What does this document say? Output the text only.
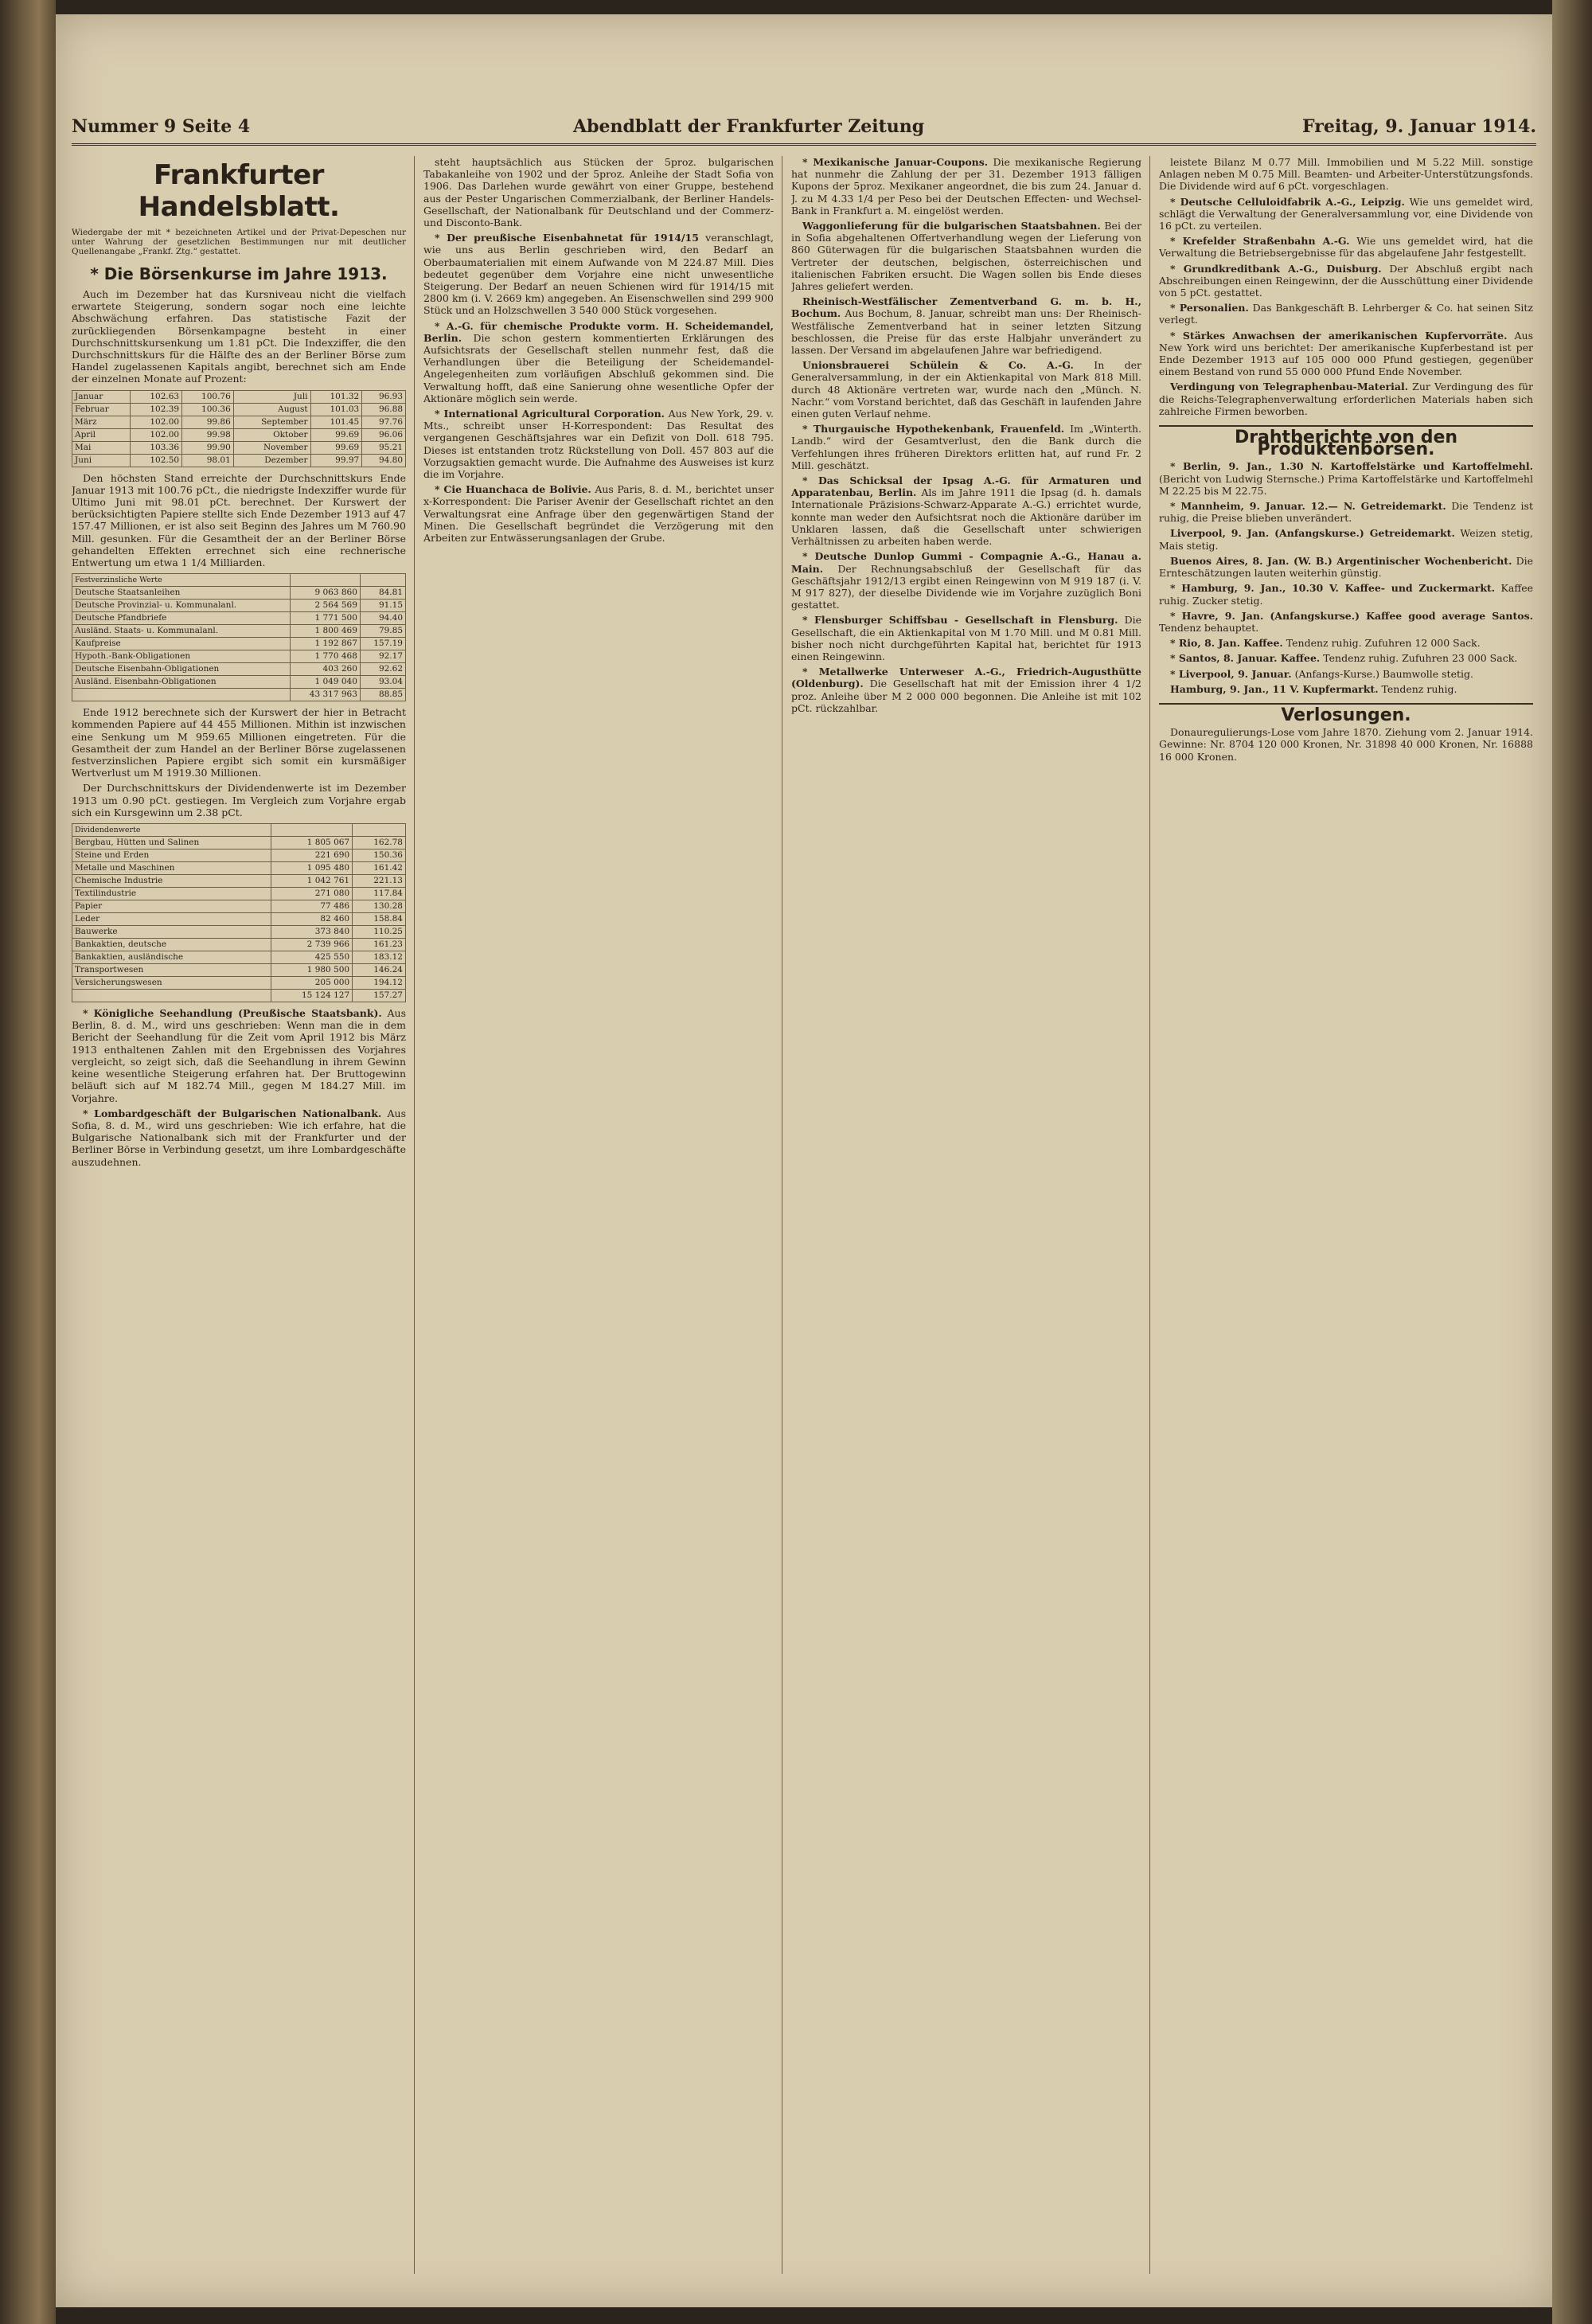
Nummer 9 Seite 4	Abendblatt der Frankfurter Zeitung	Freitag, 9. Januar 1914.
Frankfurter Handelsblatt.
Wiedergabe der mit * bezeichneten Artikel und der Privat-Depeschen nur unter Wahrung der gesetzlichen Bestimmungen nur mit deutlicher Quellenangabe „Frankf. Ztg.“ gestattet.
* Die Börsenkurse im Jahre 1913.

Auch im Dezember hat das Kursniveau nicht die vielfach erwartete Steigerung, sondern sogar noch eine leichte Abschwächung erfahren. Das statistische Fazit der zurückliegenden Börsenkampagne besteht in einer Durchschnittskursenkung um 1.81 pCt. Die Indexziffer, die den Durchschnittskurs für die Hälfte des an der Berliner Börse zum Handel zugelassenen Kapitals angibt, berechnet sich am Ende der einzelnen Monate auf Prozent:

Januar	102.63	100.76	Juli	101.32	96.93
Februar	102.39	100.36	August	101.03	96.88
März	102.00	99.86	September	101.45	97.76
April	102.00	99.98	Oktober	99.69	96.06
Mai	103.36	99.90	November	99.69	95.21
Juni	102.50	98.01	Dezember	99.97	94.80

Den höchsten Stand erreichte der Durchschnittskurs Ende Januar 1913 mit 100.76 pCt., die niedrigste Indexziffer wurde für Ultimo Juni mit 98.01 pCt. berechnet. Der Kurswert der berücksichtigten Papiere stellte sich Ende Dezember 1913 auf 47 157.47 Millionen, er ist also seit Beginn des Jahres um M 760.90 Mill. gesunken. Für die Gesamtheit der an der Berliner Börse gehandelten Effekten errechnet sich eine rechnerische Entwertung um etwa 1 1/4 Milliarden.

Festverzinsliche Werte		
Deutsche Staatsanleihen	9 063 860	84.81
Deutsche Provinzial- u. Kommunalanl.	2 564 569	91.15
Deutsche Pfandbriefe	1 771 500	94.40
Ausländ. Staats- u. Kommunalanl.	1 800 469	79.85
Kaufpreise	1 192 867	157.19
Hypoth.-Bank-Obligationen	1 770 468	92.17
Deutsche Eisenbahn-Obligationen	403 260	92.62
Ausländ. Eisenbahn-Obligationen	1 049 040	93.04
	43 317 963	88.85

Ende 1912 berechnete sich der Kurswert der hier in Betracht kommenden Papiere auf 44 455 Millionen. Mithin ist inzwischen eine Senkung um M 959.65 Millionen eingetreten. Für die Gesamtheit der zum Handel an der Berliner Börse zugelassenen festverzinslichen Papiere ergibt sich somit ein kursmäßiger Wertverlust um M 1919.30 Millionen.

Der Durchschnittskurs der Dividendenwerte ist im Dezember 1913 um 0.90 pCt. gestiegen. Im Vergleich zum Vorjahre ergab sich ein Kursgewinn um 2.38 pCt.

Dividendenwerte		
Bergbau, Hütten und Salinen	1 805 067	162.78
Steine und Erden	221 690	150.36
Metalle und Maschinen	1 095 480	161.42
Chemische Industrie	1 042 761	221.13
Textilindustrie	271 080	117.84
Papier	77 486	130.28
Leder	82 460	158.84
Bauwerke	373 840	110.25
Bankaktien, deutsche	2 739 966	161.23
Bankaktien, ausländische	425 550	183.12
Transportwesen	1 980 500	146.24
Versicherungswesen	205 000	194.12
	15 124 127	157.27

* Königliche Seehandlung (Preußische Staatsbank). Aus Berlin, 8. d. M., wird uns geschrieben: Wenn man die in dem Bericht der Seehandlung für die Zeit vom April 1912 bis März 1913 enthaltenen Zahlen mit den Ergebnissen des Vorjahres vergleicht, so zeigt sich, daß die Seehandlung in ihrem Gewinn keine wesentliche Steigerung erfahren hat. Der Bruttogewinn beläuft sich auf M 182.74 Mill., gegen M 184.27 Mill. im Vorjahre.

* Lombardgeschäft der Bulgarischen Nationalbank. Aus Sofia, 8. d. M., wird uns geschrieben: Wie ich erfahre, hat die Bulgarische Nationalbank sich mit der Frankfurter und der Berliner Börse in Verbindung gesetzt, um ihre Lombardgeschäfte auszudehnen.

steht hauptsächlich aus Stücken der 5proz. bulgarischen Tabakanleihe von 1902 und der 5proz. Anleihe der Stadt Sofia von 1906. Das Darlehen wurde gewährt von einer Gruppe, bestehend aus der Pester Ungarischen Commerzialbank, der Berliner Handels-Gesellschaft, der Nationalbank für Deutschland und der Commerz- und Disconto-Bank.

* Der preußische Eisenbahnetat für 1914/15 veranschlagt, wie uns aus Berlin geschrieben wird, den Bedarf an Oberbaumaterialien mit einem Aufwande von M 224.87 Mill. Dies bedeutet gegenüber dem Vorjahre eine nicht unwesentliche Steigerung. Der Bedarf an neuen Schienen wird für 1914/15 mit 2800 km (i. V. 2669 km) angegeben. An Eisenschwellen sind 299 900 Stück und an Holzschwellen 3 540 000 Stück vorgesehen.

* A.-G. für chemische Produkte vorm. H. Scheidemandel, Berlin. Die schon gestern kommentierten Erklärungen des Aufsichtsrats der Gesellschaft stellen nunmehr fest, daß die Verhandlungen über die Beteiligung der Scheidemandel-Angelegenheiten zum vorläufigen Abschluß gekommen sind. Die Verwaltung hofft, daß eine Sanierung ohne wesentliche Opfer der Aktionäre möglich sein werde.

* International Agricultural Corporation. Aus New York, 29. v. Mts., schreibt unser H-Korrespondent: Das Resultat des vergangenen Geschäftsjahres war ein Defizit von Doll. 618 795. Dieses ist entstanden trotz Rückstellung von Doll. 457 803 auf die Vorzugsaktien gemacht wurde. Die Aufnahme des Ausweises ist kurz die im Vorjahre.

* Cie Huanchaca de Bolivie. Aus Paris, 8. d. M., berichtet unser x-Korrespondent: Die Pariser Avenir der Gesellschaft richtet an den Verwaltungsrat eine Anfrage über den gegenwärtigen Stand der Minen. Die Gesellschaft begründet die Verzögerung mit den Arbeiten zur Entwässerungsanlagen der Grube.

* Mexikanische Januar-Coupons. Die mexikanische Regierung hat nunmehr die Zahlung der per 31. Dezember 1913 fälligen Kupons der 5proz. Mexikaner angeordnet, die bis zum 24. Januar d. J. zu M 4.33 1/4 per Peso bei der Deutschen Effecten- und Wechsel-Bank in Frankfurt a. M. eingelöst werden.

Waggonlieferung für die bulgarischen Staatsbahnen. Bei der in Sofia abgehaltenen Offertverhandlung wegen der Lieferung von 860 Güterwagen für die bulgarischen Staatsbahnen wurden die Vertreter der deutschen, belgischen, österreichischen und italienischen Fabriken ersucht. Die Wagen sollen bis Ende dieses Jahres geliefert werden.

Rheinisch-Westfälischer Zementverband G. m. b. H., Bochum. Aus Bochum, 8. Januar, schreibt man uns: Der Rheinisch-Westfälische Zementverband hat in seiner letzten Sitzung beschlossen, die Preise für das erste Halbjahr unverändert zu lassen. Der Versand im abgelaufenen Jahre war befriedigend.

Unionsbrauerei Schülein & Co. A.-G. In der Generalversammlung, in der ein Aktienkapital von Mark 818 Mill. durch 48 Aktionäre vertreten war, wurde nach den „Münch. N. Nachr.“ vom Vorstand berichtet, daß das Geschäft in laufenden Jahre einen guten Verlauf nehme.

* Thurgauische Hypothekenbank, Frauenfeld. Im „Winterth. Landb.“ wird der Gesamtverlust, den die Bank durch die Verfehlungen ihres früheren Direktors erlitten hat, auf rund Fr. 2 Mill. geschätzt.

* Das Schicksal der Ipsag A.-G. für Armaturen und Apparatenbau, Berlin. Als im Jahre 1911 die Ipsag (d. h. damals Internationale Präzisions-Schwarz-Apparate A.-G.) errichtet wurde, konnte man weder den Aufsichtsrat noch die Aktionäre darüber im Unklaren lassen, daß die Gesellschaft unter schwierigen Verhältnissen zu arbeiten haben werde.

* Deutsche Dunlop Gummi - Compagnie A.-G., Hanau a. Main. Der Rechnungsabschluß der Gesellschaft für das Geschäftsjahr 1912/13 ergibt einen Reingewinn von M 919 187 (i. V. M 917 827), der dieselbe Dividende wie im Vorjahre zuzüglich Boni gestattet.

* Flensburger Schiffsbau - Gesellschaft in Flensburg. Die Gesellschaft, die ein Aktienkapital von M 1.70 Mill. und M 0.81 Mill. bisher noch nicht durchgeführten Kapital hat, berichtet für 1913 einen Reingewinn.

* Metallwerke Unterweser A.-G., Friedrich-Augusthütte (Oldenburg). Die Gesellschaft hat mit der Emission ihrer 4 1/2 proz. Anleihe über M 2 000 000 begonnen. Die Anleihe ist mit 102 pCt. rückzahlbar.

leistete Bilanz M 0.77 Mill. Immobilien und M 5.22 Mill. sonstige Anlagen neben M 0.75 Mill. Beamten- und Arbeiter-Unterstützungsfonds. Die Dividende wird auf 6 pCt. vorgeschlagen.

* Deutsche Celluloidfabrik A.-G., Leipzig. Wie uns gemeldet wird, schlägt die Verwaltung der Generalversammlung vor, eine Dividende von 16 pCt. zu verteilen.

* Krefelder Straßenbahn A.-G. Wie uns gemeldet wird, hat die Verwaltung die Betriebsergebnisse für das abgelaufene Jahr festgestellt.

* Grundkreditbank A.-G., Duisburg. Der Abschluß ergibt nach Abschreibungen einen Reingewinn, der die Ausschüttung einer Dividende von 5 pCt. gestattet.

* Personalien. Das Bankgeschäft B. Lehrberger & Co. hat seinen Sitz verlegt.

* Stärkes Anwachsen der amerikanischen Kupfervorräte. Aus New York wird uns berichtet: Der amerikanische Kupferbestand ist per Ende Dezember 1913 auf 105 000 000 Pfund gestiegen, gegenüber einem Bestand von rund 55 000 000 Pfund Ende November.

Verdingung von Telegraphenbau-Material. Zur Verdingung des für die Reichs-Telegraphenverwaltung erforderlichen Materials haben sich zahlreiche Firmen beworben.

Drahtberichte von den Produktenbörsen.

* Berlin, 9. Jan., 1.30 N. Kartoffelstärke und Kartoffelmehl. (Bericht von Ludwig Sternsche.) Prima Kartoffelstärke und Kartoffelmehl M 22.25 bis M 22.75.

* Mannheim, 9. Januar. 12.— N. Getreidemarkt. Die Tendenz ist ruhig, die Preise blieben unverändert.

Liverpool, 9. Jan. (Anfangskurse.) Getreidemarkt. Weizen stetig, Mais stetig.

Buenos Aires, 8. Jan. (W. B.) Argentinischer Wochenbericht. Die Ernteschätzungen lauten weiterhin günstig.

* Hamburg, 9. Jan., 10.30 V. Kaffee- und Zuckermarkt. Kaffee ruhig. Zucker stetig.

* Havre, 9. Jan. (Anfangskurse.) Kaffee good average Santos. Tendenz behauptet.

* Rio, 8. Jan. Kaffee. Tendenz ruhig. Zufuhren 12 000 Sack.

* Santos, 8. Januar. Kaffee. Tendenz ruhig. Zufuhren 23 000 Sack.

* Liverpool, 9. Januar. (Anfangs-Kurse.) Baumwolle stetig.

Hamburg, 9. Jan., 11 V. Kupfermarkt. Tendenz ruhig.

Verlosungen.

Donauregulierungs-Lose vom Jahre 1870. Ziehung vom 2. Januar 1914. Gewinne: Nr. 8704 120 000 Kronen, Nr. 31898 40 000 Kronen, Nr. 16888 16 000 Kronen.
